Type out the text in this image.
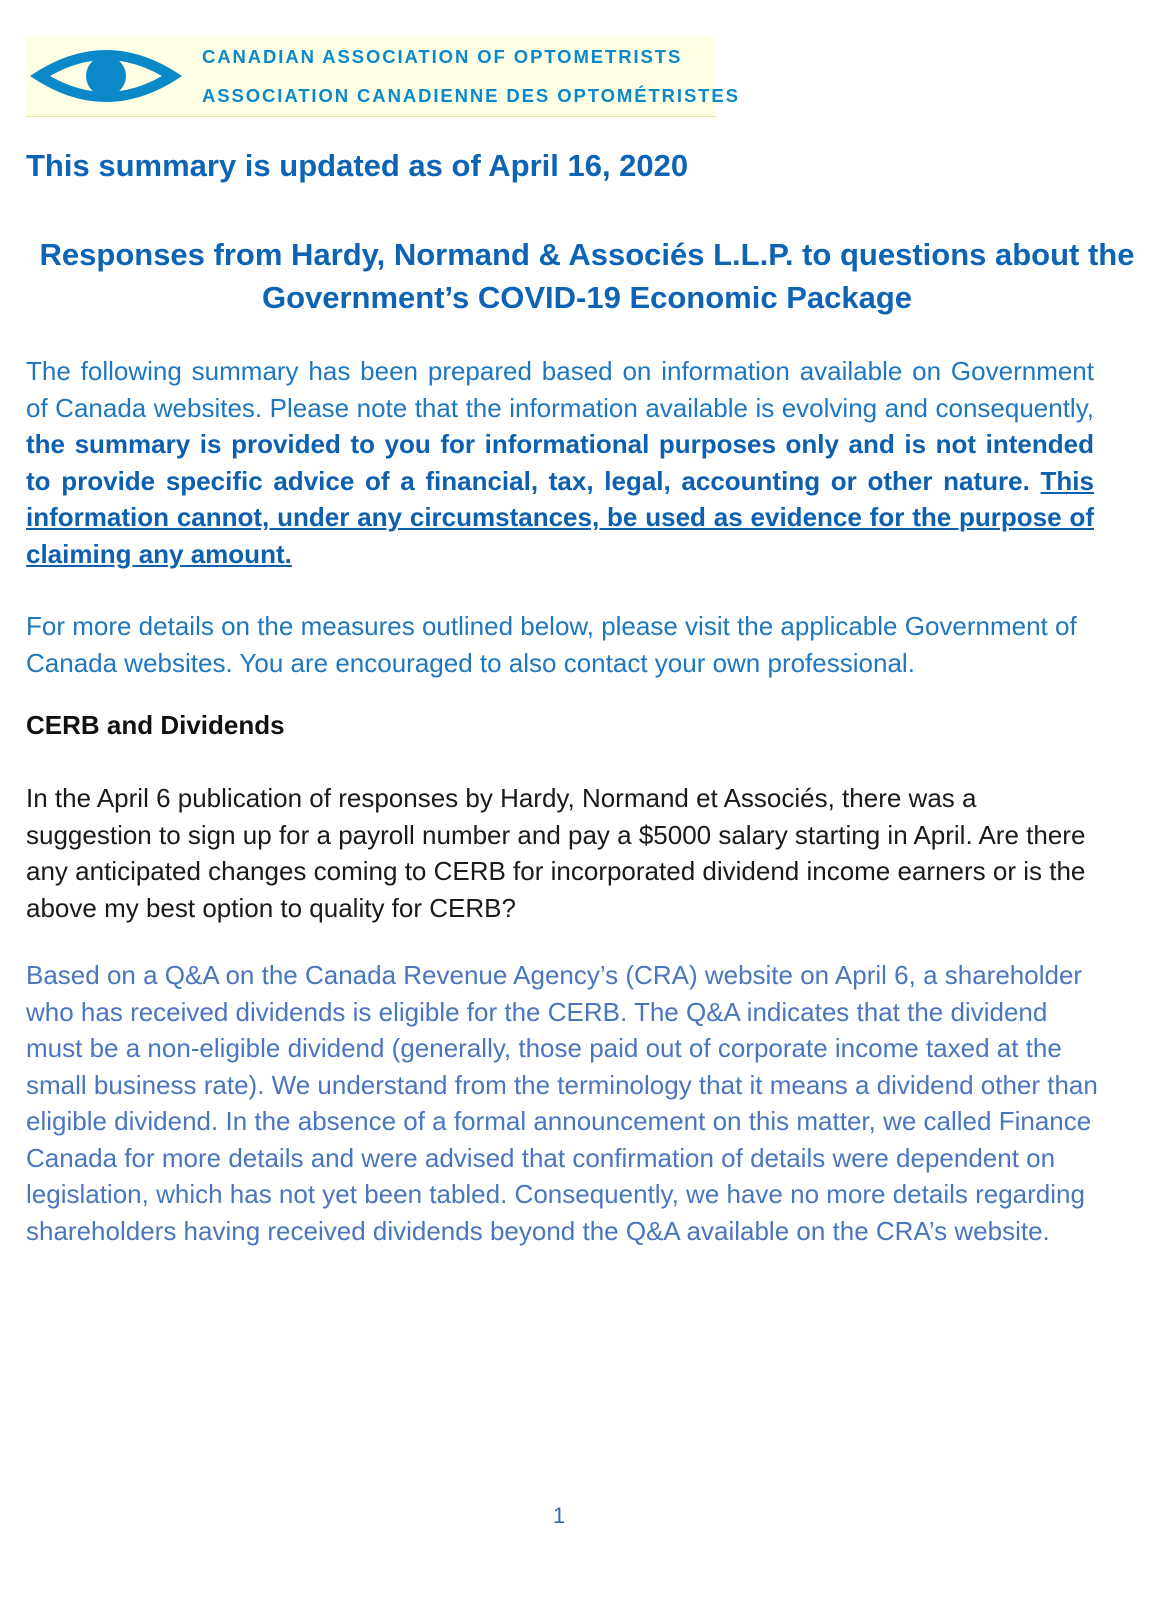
CANADIAN ASSOCIATION OF OPTOMETRISTS
ASSOCIATION CANADIENNE DES OPTOMÉTRISTES
This summary is updated as of April 16, 2020
Responses from Hardy, Normand & Associés L.L.P. to questions about the Government’s COVID-19 Economic Package

The following summary has been prepared based on information available on Government of Canada websites. Please note that the information available is evolving and consequently, the summary is provided to you for informational purposes only and is not intended to provide specific advice of a financial, tax, legal, accounting or other nature. This information cannot, under any circumstances, be used as evidence for the purpose of claiming any amount.

For more details on the measures outlined below, please visit the applicable Government of Canada websites. You are encouraged to also contact your own professional.

CERB and Dividends

In the April 6 publication of responses by Hardy, Normand et Associés, there was a suggestion to sign up for a payroll number and pay a $5000 salary starting in April. Are there any anticipated changes coming to CERB for incorporated dividend income earners or is the above my best option to quality for CERB?

Based on a Q&A on the Canada Revenue Agency’s (CRA) website on April 6, a shareholder who has received dividends is eligible for the CERB. The Q&A indicates that the dividend must be a non-eligible dividend (generally, those paid out of corporate income taxed at the small business rate). We understand from the terminology that it means a dividend other than eligible dividend. In the absence of a formal announcement on this matter, we called Finance Canada for more details and were advised that confirmation of details were dependent on legislation, which has not yet been tabled. Consequently, we have no more details regarding shareholders having received dividends beyond the Q&A available on the CRA’s website.

1
